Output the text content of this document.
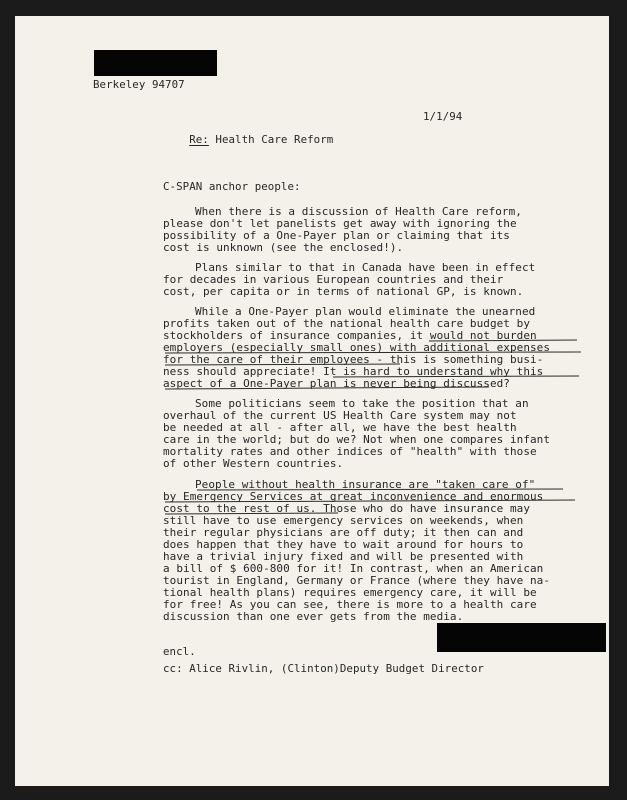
Berkeley 94707
1/1/94

Re: Health Care Reform

C-SPAN anchor people:
When there is a discussion of Health Care reform,
please don't let panelists get away with ignoring the
possibility of a One-Payer plan or claiming that its
cost is unknown (see the enclosed!).
Plans similar to that in Canada have been in effect
for decades in various European countries and their
cost, per capita or in terms of national GP, is known.
While a One-Payer plan would eliminate the unearned
profits taken out of the national health care budget by
stockholders of insurance companies, it would not burden
employers (especially small ones) with additional expenses
for the care of their employees - this is something busi-
ness should appreciate! It is hard to understand why this
aspect of a One-Payer plan is never being discussed?
Some politicians seem to take the position that an
overhaul of the current US Health Care system may not
be needed at all - after all, we have the best health
care in the world; but do we? Not when one compares infant
mortality rates and other indices of "health" with those
of other Western countries.
People without health insurance are "taken care of"
by Emergency Services at great inconvenience and enormous
cost to the rest of us. Those who do have insurance may
still have to use emergency services on weekends, when
their regular physicians are off duty; it then can and
does happen that they have to wait around for hours to
have a trivial injury fixed and will be presented with
a bill of $ 600-800 for it! In contrast, when an American
tourist in England, Germany or France (where they have na-
tional health plans) requires emergency care, it will be
for free! As you can see, there is more to a health care
discussion than one ever gets from the media.
encl.
cc: Alice Rivlin, (Clinton)Deputy Budget Director
